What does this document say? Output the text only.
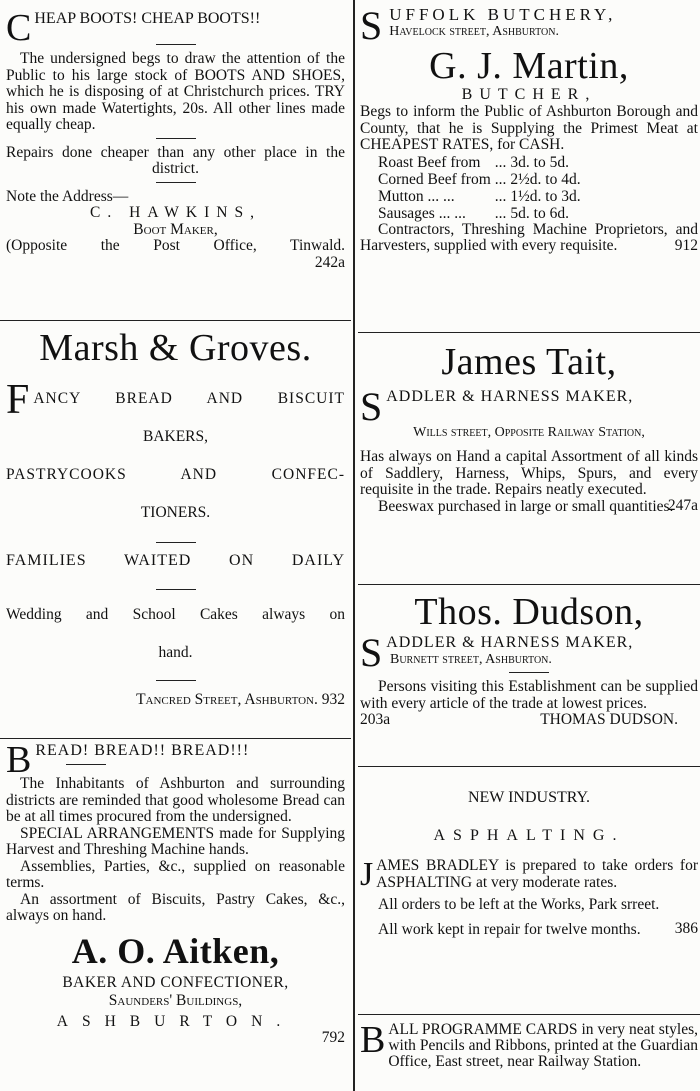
C HEAP BOOTS! CHEAP BOOTS!!

The undersigned begs to draw the attention of the Public to his large stock of BOOTS AND SHOES, which he is disposing of at Christchurch prices. TRY his own made Watertights, 20s. All other lines made equally cheap.

Repairs done cheaper than any other place in the district.

Note the Address—

C. HAWKINS,

Boot Maker,

(Opposite the Post Office, Tinwald.

242a

Marsh & Groves.
F ANCY BREAD AND BISCUIT
BAKERS,
PASTRYCOOKS AND CONFEC-
TIONERS.

FAMILIES WAITED ON DAILY

Wedding and School Cakes always on
hand.

Tancred Street, Ashburton. 932

B READ! BREAD!! BREAD!!!

The Inhabitants of Ashburton and surrounding districts are reminded that good wholesome Bread can be at all times procured from the undersigned.

SPECIAL ARRANGEMENTS made for Supplying Harvest and Threshing Machine hands.

Assemblies, Parties, &c., supplied on reasonable terms.

An assortment of Biscuits, Pastry Cakes, &c., always on hand.

A. O. Aitken,

BAKER AND CONFECTIONER,

Saunders' Buildings,

ASHBURTON.

792

S UFFOLK BUTCHERY,

Havelock street, Ashburton.

G. J. Martin,

BUTCHER,

Begs to inform the Public of Ashburton Borough and County, that he is Supplying the Primest Meat at CHEAPEST RATES, for CASH.

Roast Beef from	...	3d. to 5d.
Corned Beef from	...	2½d. to 4d.
Mutton ... ...	...	1½d. to 3d.
Sausages ... ...	...	5d. to 6d.

Contractors, Threshing Machine Proprietors, and Harvesters, supplied with every requisite.	912

James Tait,
S ADDLER & HARNESS MAKER,

Wills street, Opposite Railway Station,

Has always on Hand a capital Assortment of all kinds of Saddlery, Harness, Whips, Spurs, and every requisite in the trade. Repairs neatly executed.

Beeswax purchased in large or small quantities.

247a

Thos. Dudson,
S ADDLER & HARNESS MAKER,

Burnett street, Ashburton.

Persons visiting this Establishment can be supplied with every article of the trade at lowest prices.

203a	THOMAS DUDSON.

NEW INDUSTRY.

ASPHALTING.

J AMES BRADLEY is prepared to take orders for ASPHALTING at very moderate rates.

All orders to be left at the Works, Park srreet.

All work kept in repair for twelve months.	386

B ALL PROGRAMME CARDS in very neat styles, with Pencils and Ribbons, printed at the Guardian Office, East street, near Railway Station.
